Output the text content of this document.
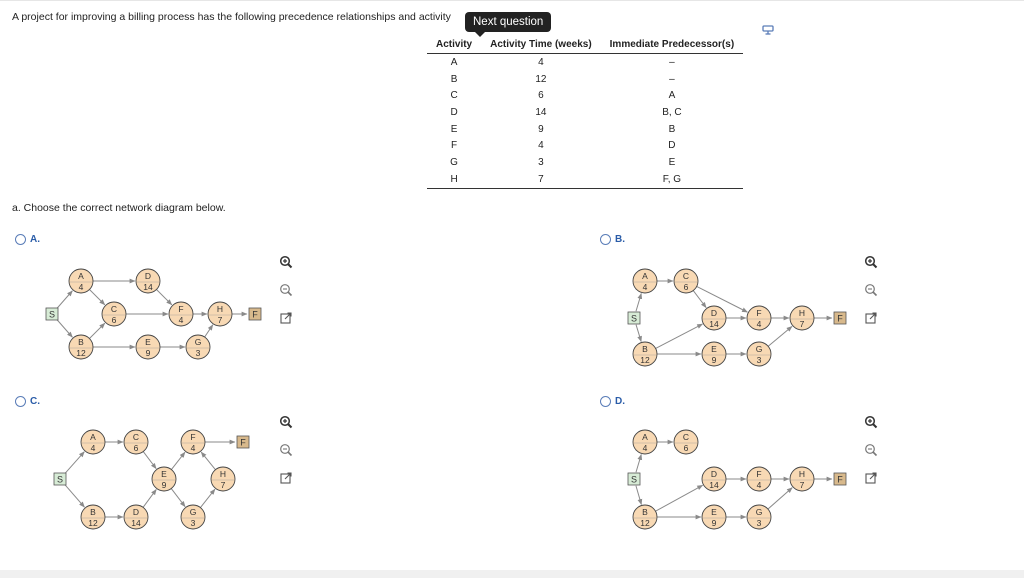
A project for improving a billing process has the following precedence relationships and activity	Next question
Activity	Activity Time (weeks)	Immediate Predecessor(s)
A	4	–
B	12	–
C	6	A
D	14	B, C
E	9	B
F	4	D
G	3	E
H	7	F, G
a. Choose the correct network diagram below.
A.	B.
C.	D.
S	F
A
4
D
14
C
6
F
4
H
7
B
12
E
9
G
3
S	F
A
4
C
6
D
14
F
4
H
7
B
12
E
9
G
3
S
F
A
4
C
6
F
4
E
9
H
7
B
12
D
14
G
3
S	F
A
4
C
6
D
14
F
4
H
7
B
12
E
9
G
3
